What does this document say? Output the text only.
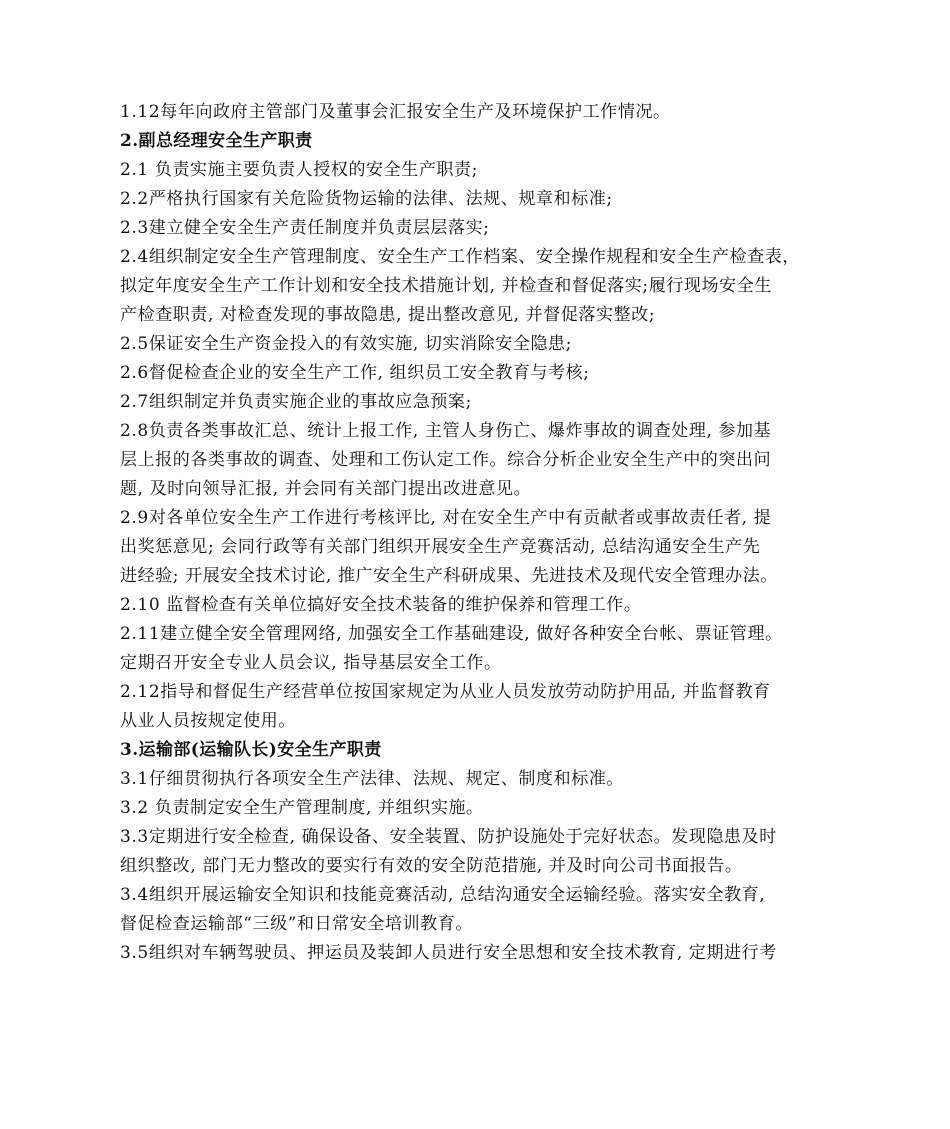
1.12每年向政府主管部门及董事会汇报安全生产及环境保护工作情况。
2.副总经理安全生产职责
2.1 负责实施主要负责人授权的安全生产职责;
2.2严格执行国家有关危险货物运输的法律、法规、规章和标准;
2.3建立健全安全生产责任制度并负责层层落实;
2.4组织制定安全生产管理制度、安全生产工作档案、安全操作规程和安全生产检查表，
拟定年度安全生产工作计划和安全技术措施计划, 并检查和督促落实;履行现场安全生
产检查职责, 对检查发现的事故隐患, 提出整改意见, 并督促落实整改;
2.5保证安全生产资金投入的有效实施, 切实消除安全隐患;
2.6督促检查企业的安全生产工作, 组织员工安全教育与考核;
2.7组织制定并负责实施企业的事故应急预案;
2.8负责各类事故汇总、统计上报工作, 主管人身伤亡、爆炸事故的调查处理, 参加基
层上报的各类事故的调查、处理和工伤认定工作。综合分析企业安全生产中的突出问
题, 及时向领导汇报, 并会同有关部门提出改进意见。
2.9对各单位安全生产工作进行考核评比, 对在安全生产中有贡献者或事故责任者, 提
出奖惩意见; 会同行政等有关部门组织开展安全生产竞赛活动, 总结沟通安全生产先
进经验; 开展安全技术讨论, 推广安全生产科研成果、先进技术及现代安全管理办法。
2.10 监督检查有关单位搞好安全技术装备的维护保养和管理工作。
2.11建立健全安全管理网络, 加强安全工作基础建设, 做好各种安全台帐、票证管理。
定期召开安全专业人员会议, 指导基层安全工作。
2.12指导和督促生产经营单位按国家规定为从业人员发放劳动防护用品, 并监督教育
从业人员按规定使用。
3.运输部(运输队长)安全生产职责
3.1仔细贯彻执行各项安全生产法律、法规、规定、制度和标准。
3.2 负责制定安全生产管理制度, 并组织实施。
3.3定期进行安全检查, 确保设备、安全装置、防护设施处于完好状态。发现隐患及时
组织整改, 部门无力整改的要实行有效的安全防范措施, 并及时向公司书面报告。
3.4组织开展运输安全知识和技能竞赛活动, 总结沟通安全运输经验。落实安全教育,
督促检查运输部“三级”和日常安全培训教育。
3.5组织对车辆驾驶员、押运员及装卸人员进行安全思想和安全技术教育, 定期进行考
